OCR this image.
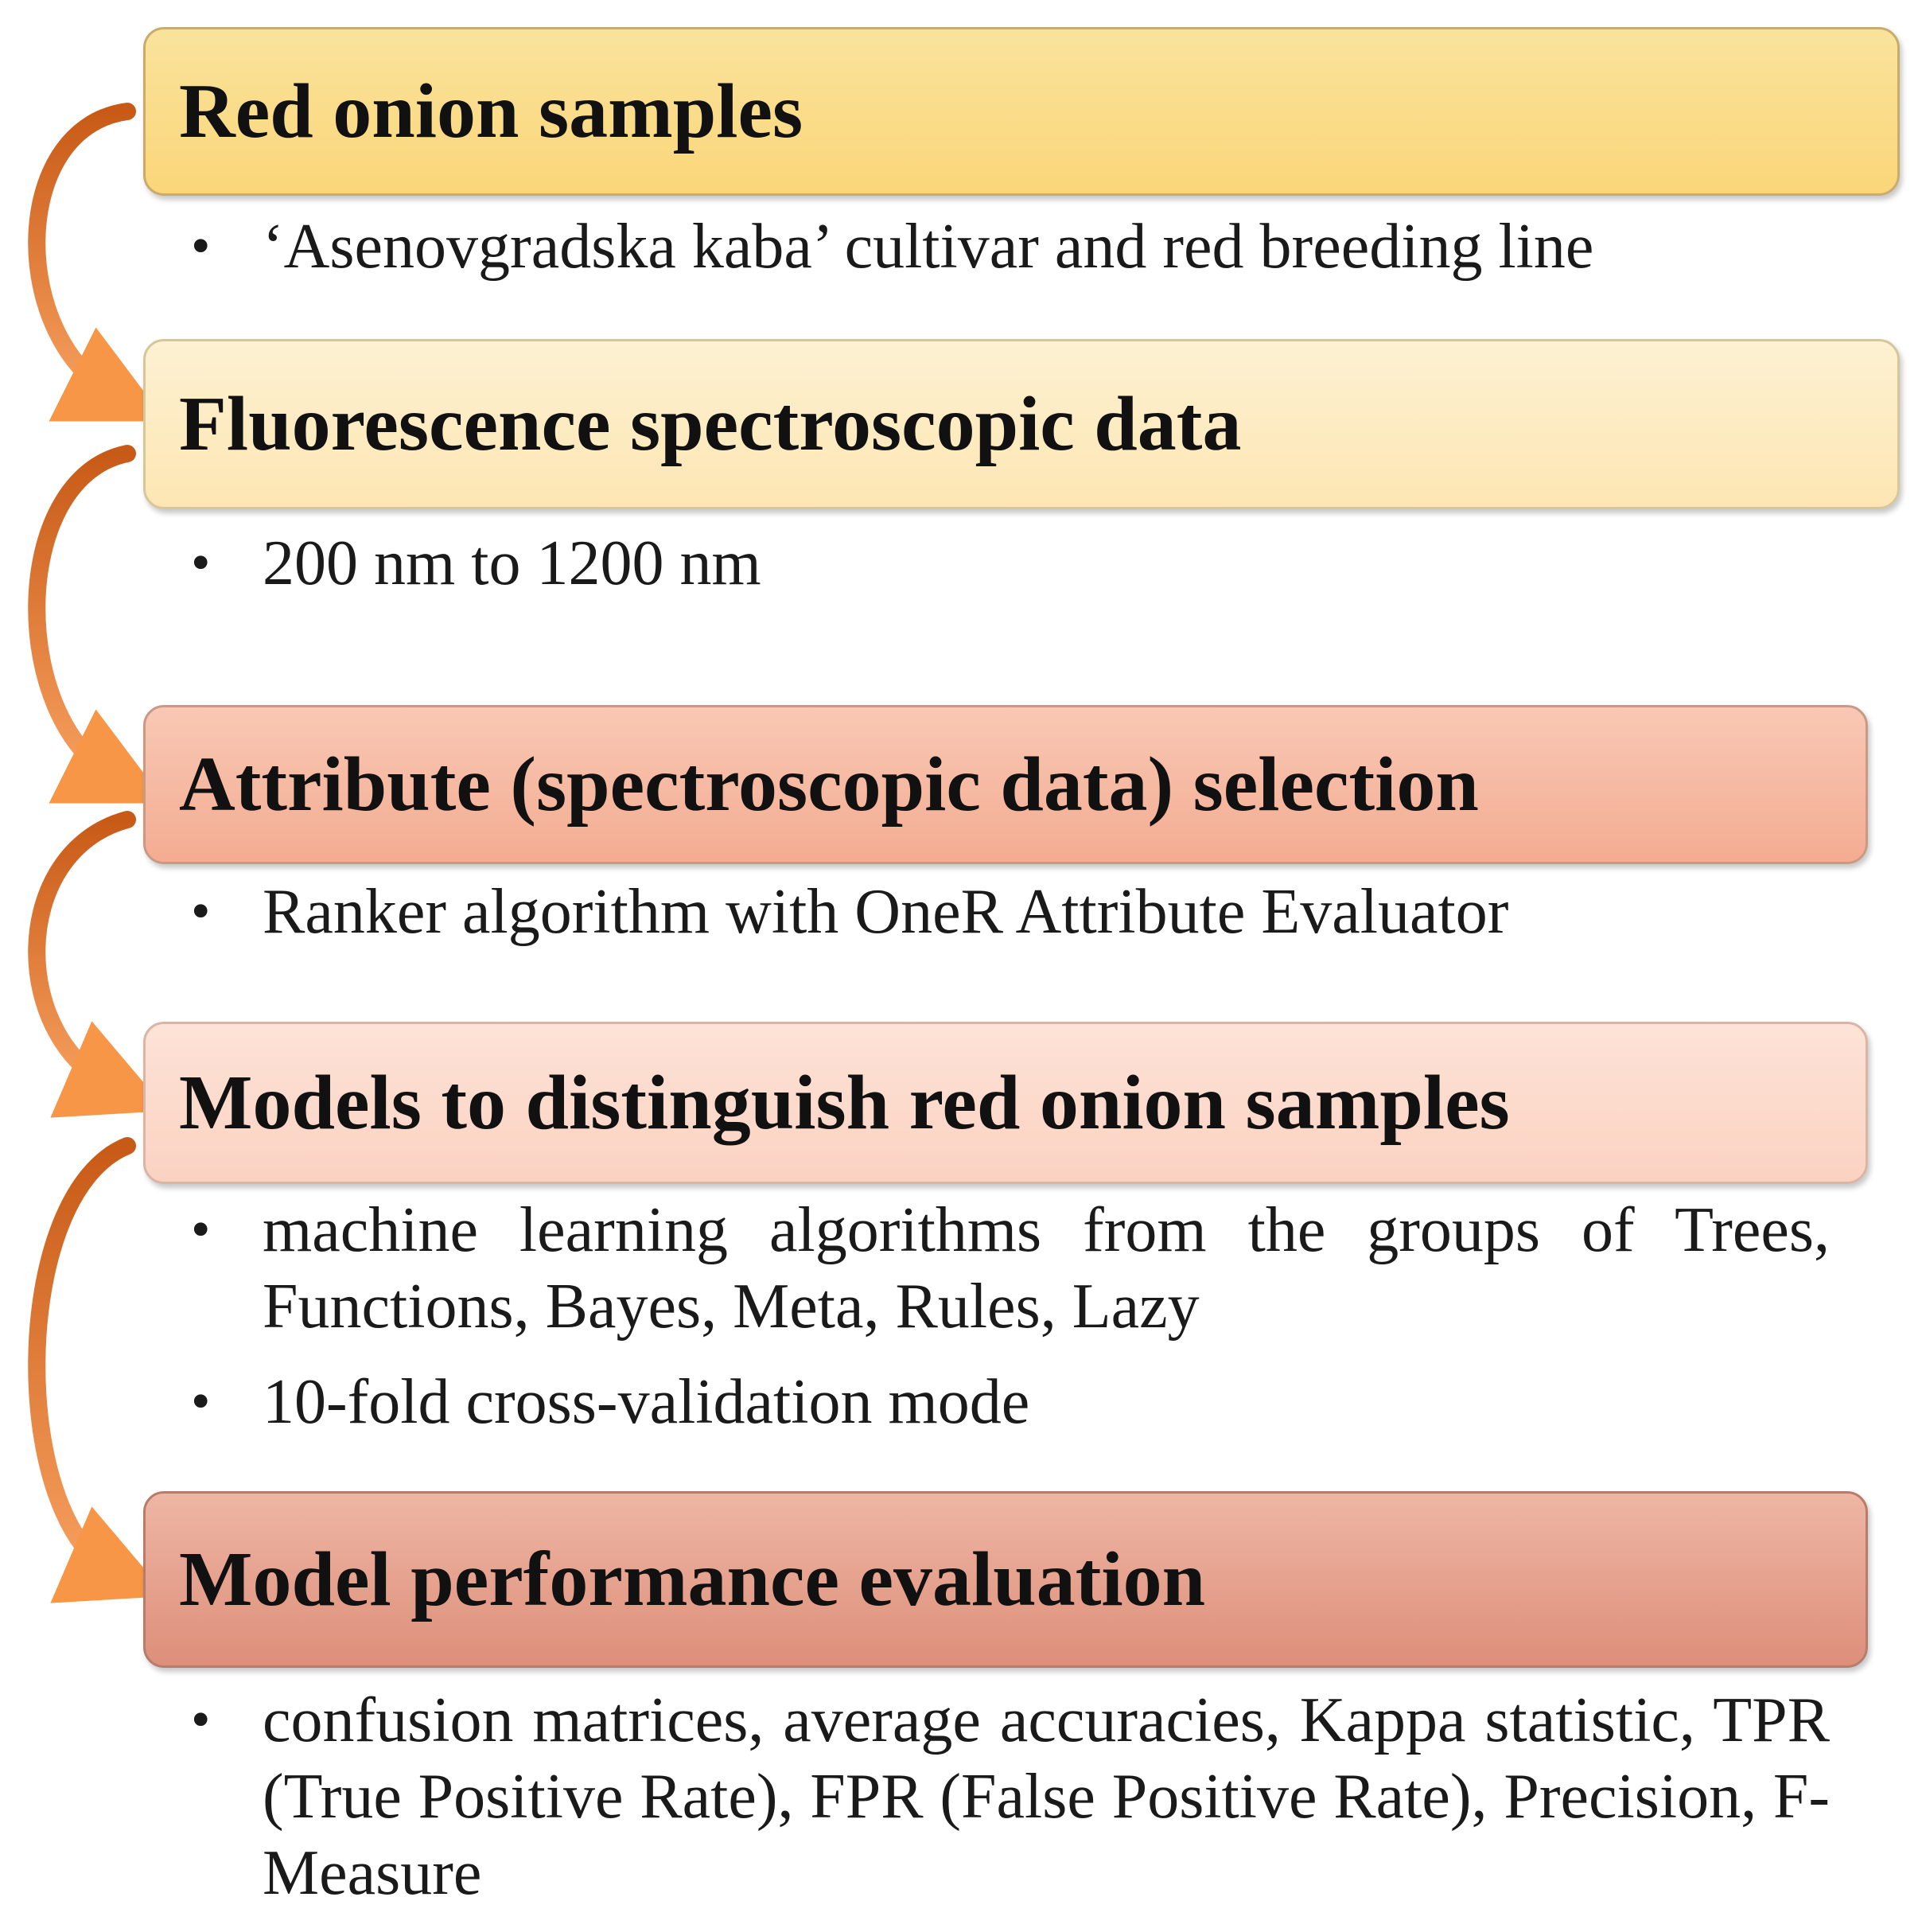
Red onion samples
• ‘Asenovgradska kaba’ cultivar and red breeding line
Fluorescence spectroscopic data
• 200 nm to 1200 nm
Attribute (spectroscopic data) selection
• Ranker algorithm with OneR Attribute Evaluator
Models to distinguish red onion samples
• machine learning algorithms from the groups of Trees, Functions, Bayes, Meta, Rules, Lazy
• 10-fold cross-validation mode
Model performance evaluation
• confusion matrices, average accuracies, Kappa statistic, TPR (True Positive Rate), FPR (False Positive Rate), Precision, F-Measure
